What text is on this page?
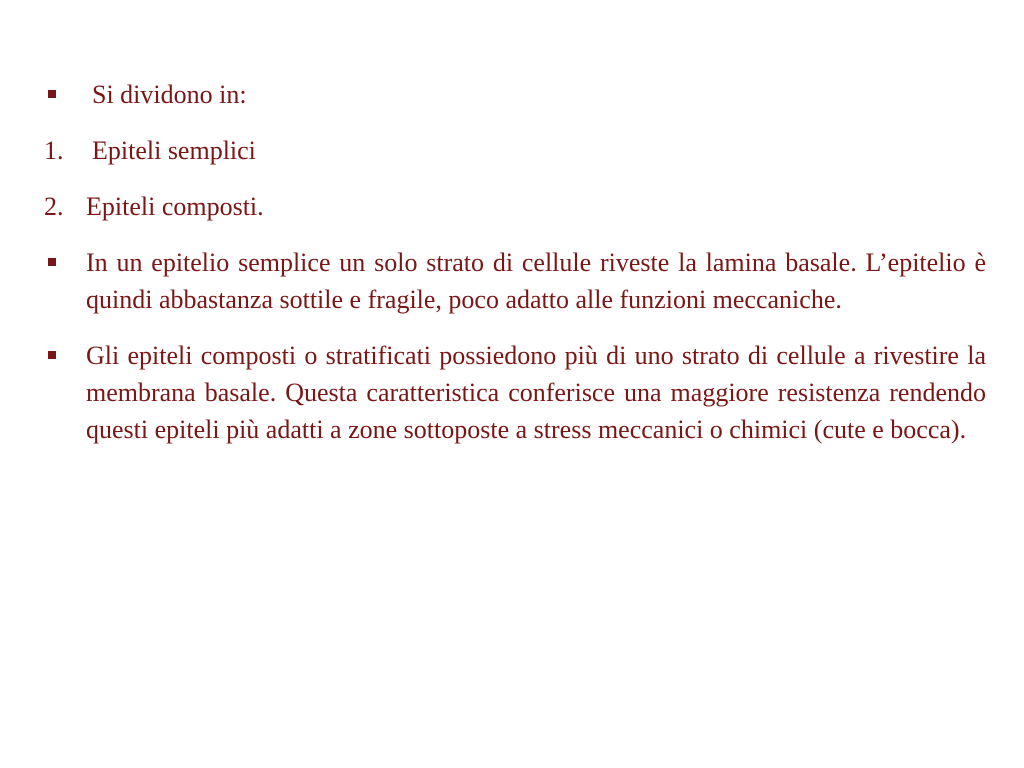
Si dividono in:
1. Epiteli semplici
2. Epiteli composti.
In un epitelio semplice un solo strato di cellule riveste la lamina basale. L’epitelio è quindi abbastanza sottile e fragile, poco adatto alle funzioni meccaniche.
Gli epiteli composti o stratificati possiedono più di uno strato di cellule a rivestire la membrana basale. Questa caratteristica conferisce una maggiore resistenza rendendo questi epiteli più adatti a zone sottoposte a stress meccanici o chimici (cute e bocca).
